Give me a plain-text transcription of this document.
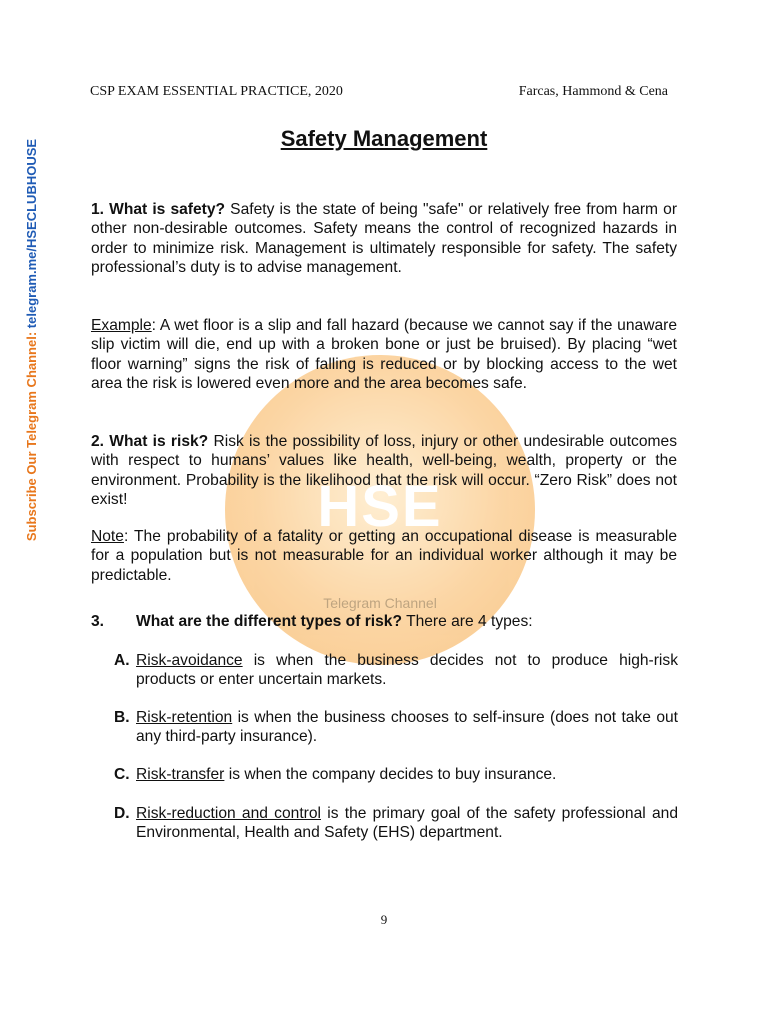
Subscribe Our Telegram Channel: telegram.me/HSECLUBHOUSE
HSE
Telegram Channel
CSP EXAM ESSENTIAL PRACTICE, 2020	Farcas, Hammond & Cena
Safety Management

1. What is safety? Safety is the state of being "safe" or relatively free from harm or other non-desirable outcomes. Safety means the control of recognized hazards in order to minimize risk. Management is ultimately responsible for safety. The safety professional’s duty is to advise management.

Example: A wet floor is a slip and fall hazard (because we cannot say if the unaware slip victim will die, end up with a broken bone or just be bruised). By placing “wet floor warning” signs the risk of falling is reduced or by blocking access to the wet area the risk is lowered even more and the area becomes safe.

2. What is risk? Risk is the possibility of loss, injury or other undesirable outcomes with respect to humans’ values like health, well-being, wealth, property or the environment. Probability is the likelihood that the risk will occur. “Zero Risk” does not exist!

Note: The probability of a fatality or getting an occupational disease is measurable for a population but is not measurable for an individual worker although it may be predictable.

3. What are the different types of risk? There are 4 types:
A. Risk-avoidance is when the business decides not to produce high-risk products or enter uncertain markets.
B. Risk-retention is when the business chooses to self-insure (does not take out any third-party insurance).
C. Risk-transfer is when the company decides to buy insurance.
D. Risk-reduction and control is the primary goal of the safety professional and Environmental, Health and Safety (EHS) department.
9
